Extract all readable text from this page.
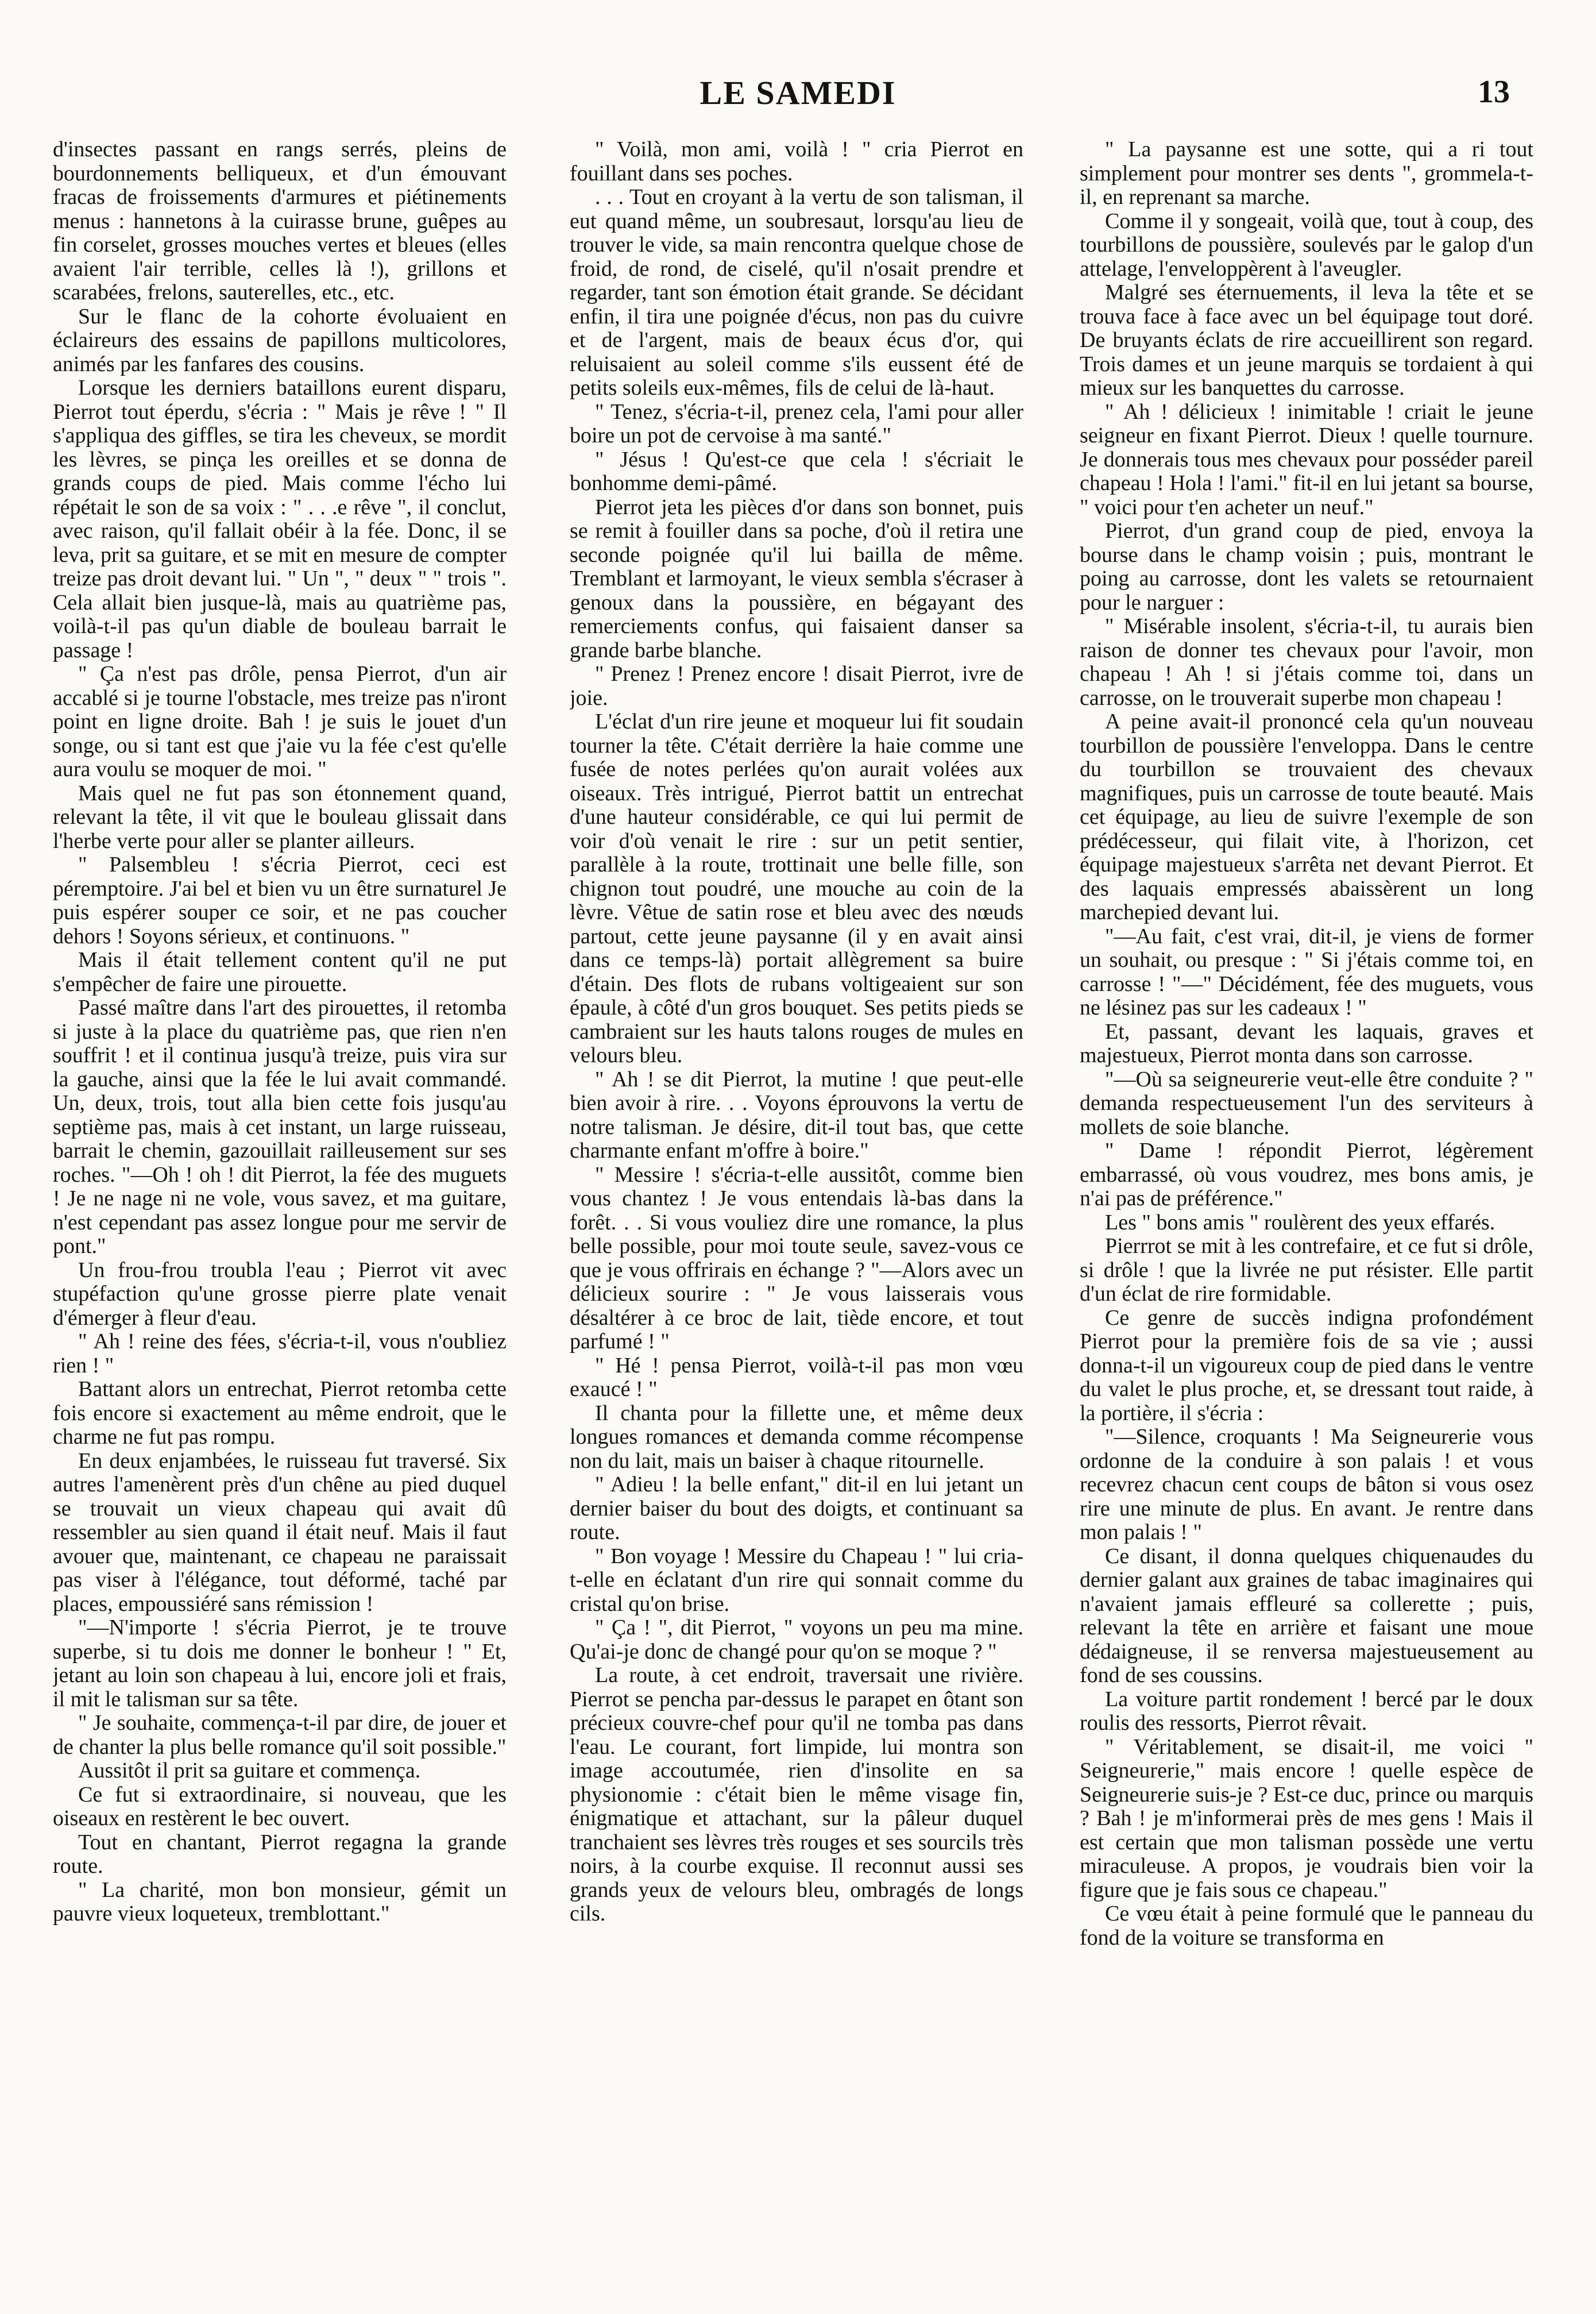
LE SAMEDI	13

d'insectes passant en rangs serrés, pleins de bourdonnements belliqueux, et d'un émouvant fracas de froissements d'armures et piétinements menus : hannetons à la cuirasse brune, guêpes au fin corselet, grosses mouches vertes et bleues (elles avaient l'air terrible, celles là !), grillons et scarabées, frelons, sauterelles, etc., etc.

Sur le flanc de la cohorte évoluaient en éclaireurs des essains de papillons multicolores, animés par les fanfares des cousins.

Lorsque les derniers bataillons eurent disparu, Pierrot tout éperdu, s'écria : " Mais je rêve ! " Il s'appliqua des giffles, se tira les cheveux, se mordit les lèvres, se pinça les oreilles et se donna de grands coups de pied. Mais comme l'écho lui répétait le son de sa voix : " . . .e rêve ", il conclut, avec raison, qu'il fallait obéir à la fée. Donc, il se leva, prit sa guitare, et se mit en mesure de compter treize pas droit devant lui. " Un ", " deux " " trois ". Cela allait bien jusque-là, mais au quatrième pas, voilà-t-il pas qu'un diable de bouleau barrait le passage !

" Ça n'est pas drôle, pensa Pierrot, d'un air accablé si je tourne l'obstacle, mes treize pas n'iront point en ligne droite. Bah ! je suis le jouet d'un songe, ou si tant est que j'aie vu la fée c'est qu'elle aura voulu se moquer de moi. "

Mais quel ne fut pas son étonnement quand, relevant la tête, il vit que le bouleau glissait dans l'herbe verte pour aller se planter ailleurs.

" Palsembleu ! s'écria Pierrot, ceci est péremptoire. J'ai bel et bien vu un être surnaturel Je puis espérer souper ce soir, et ne pas coucher dehors ! Soyons sérieux, et continuons. "

Mais il était tellement content qu'il ne put s'empêcher de faire une pirouette.

Passé maître dans l'art des pirouettes, il retomba si juste à la place du quatrième pas, que rien n'en souffrit ! et il continua jusqu'à treize, puis vira sur la gauche, ainsi que la fée le lui avait commandé. Un, deux, trois, tout alla bien cette fois jusqu'au septième pas, mais à cet instant, un large ruisseau, barrait le chemin, gazouillait railleusement sur ses roches. "—Oh ! oh ! dit Pierrot, la fée des muguets ! Je ne nage ni ne vole, vous savez, et ma guitare, n'est cependant pas assez longue pour me servir de pont."

Un frou-frou troubla l'eau ; Pierrot vit avec stupéfaction qu'une grosse pierre plate venait d'émerger à fleur d'eau.

" Ah ! reine des fées, s'écria-t-il, vous n'oubliez rien ! "

Battant alors un entrechat, Pierrot retomba cette fois encore si exactement au même endroit, que le charme ne fut pas rompu.

En deux enjambées, le ruisseau fut traversé. Six autres l'amenèrent près d'un chêne au pied duquel se trouvait un vieux chapeau qui avait dû ressembler au sien quand il était neuf. Mais il faut avouer que, maintenant, ce chapeau ne paraissait pas viser à l'élégance, tout déformé, taché par places, empoussiéré sans rémission !

"—N'importe ! s'écria Pierrot, je te trouve superbe, si tu dois me donner le bonheur ! " Et, jetant au loin son chapeau à lui, encore joli et frais, il mit le talisman sur sa tête.

" Je souhaite, commença-t-il par dire, de jouer et de chanter la plus belle romance qu'il soit possible."

Aussitôt il prit sa guitare et commença.

Ce fut si extraordinaire, si nouveau, que les oiseaux en restèrent le bec ouvert.

Tout en chantant, Pierrot regagna la grande route.

" La charité, mon bon monsieur, gémit un pauvre vieux loqueteux, tremblottant."

" Voilà, mon ami, voilà ! " cria Pierrot en fouillant dans ses poches.

. . . Tout en croyant à la vertu de son talisman, il eut quand même, un soubresaut, lorsqu'au lieu de trouver le vide, sa main rencontra quelque chose de froid, de rond, de ciselé, qu'il n'osait prendre et regarder, tant son émotion était grande. Se décidant enfin, il tira une poignée d'écus, non pas du cuivre et de l'argent, mais de beaux écus d'or, qui reluisaient au soleil comme s'ils eussent été de petits soleils eux-mêmes, fils de celui de là-haut.

" Tenez, s'écria-t-il, prenez cela, l'ami pour aller boire un pot de cervoise à ma santé."

" Jésus ! Qu'est-ce que cela ! s'écriait le bonhomme demi-pâmé.

Pierrot jeta les pièces d'or dans son bonnet, puis se remit à fouiller dans sa poche, d'où il retira une seconde poignée qu'il lui bailla de même. Tremblant et larmoyant, le vieux sembla s'écraser à genoux dans la poussière, en bégayant des remerciements confus, qui faisaient danser sa grande barbe blanche.

" Prenez ! Prenez encore ! disait Pierrot, ivre de joie.

L'éclat d'un rire jeune et moqueur lui fit soudain tourner la tête. C'était derrière la haie comme une fusée de notes perlées qu'on aurait volées aux oiseaux. Très intrigué, Pierrot battit un entrechat d'une hauteur considérable, ce qui lui permit de voir d'où venait le rire : sur un petit sentier, parallèle à la route, trottinait une belle fille, son chignon tout poudré, une mouche au coin de la lèvre. Vêtue de satin rose et bleu avec des nœuds partout, cette jeune paysanne (il y en avait ainsi dans ce temps-là) portait allègrement sa buire d'étain. Des flots de rubans voltigeaient sur son épaule, à côté d'un gros bouquet. Ses petits pieds se cambraient sur les hauts talons rouges de mules en velours bleu.

" Ah ! se dit Pierrot, la mutine ! que peut-elle bien avoir à rire. . . Voyons éprouvons la vertu de notre talisman. Je désire, dit-il tout bas, que cette charmante enfant m'offre à boire."

" Messire ! s'écria-t-elle aussitôt, comme bien vous chantez ! Je vous entendais là-bas dans la forêt. . . Si vous vouliez dire une romance, la plus belle possible, pour moi toute seule, savez-vous ce que je vous offrirais en échange ? "—Alors avec un délicieux sourire : " Je vous laisserais vous désaltérer à ce broc de lait, tiède encore, et tout parfumé ! "

" Hé ! pensa Pierrot, voilà-t-il pas mon vœu exaucé ! "

Il chanta pour la fillette une, et même deux longues romances et demanda comme récompense non du lait, mais un baiser à chaque ritournelle.

" Adieu ! la belle enfant," dit-il en lui jetant un dernier baiser du bout des doigts, et continuant sa route.

" Bon voyage ! Messire du Chapeau ! " lui cria-t-elle en éclatant d'un rire qui sonnait comme du cristal qu'on brise.

" Ça ! ", dit Pierrot, " voyons un peu ma mine. Qu'ai-je donc de changé pour qu'on se moque ? "

La route, à cet endroit, traversait une rivière. Pierrot se pencha par-dessus le parapet en ôtant son précieux couvre-chef pour qu'il ne tomba pas dans l'eau. Le courant, fort limpide, lui montra son image accoutumée, rien d'insolite en sa physionomie : c'était bien le même visage fin, énigmatique et attachant, sur la pâleur duquel tranchaient ses lèvres très rouges et ses sourcils très noirs, à la courbe exquise. Il reconnut aussi ses grands yeux de velours bleu, ombragés de longs cils.

" La paysanne est une sotte, qui a ri tout simplement pour montrer ses dents ", grommela-t-il, en reprenant sa marche.

Comme il y songeait, voilà que, tout à coup, des tourbillons de poussière, soulevés par le galop d'un attelage, l'enveloppèrent à l'aveugler.

Malgré ses éternuements, il leva la tête et se trouva face à face avec un bel équipage tout doré. De bruyants éclats de rire accueillirent son regard. Trois dames et un jeune marquis se tordaient à qui mieux sur les banquettes du carrosse.

" Ah ! délicieux ! inimitable ! criait le jeune seigneur en fixant Pierrot. Dieux ! quelle tournure. Je donnerais tous mes chevaux pour posséder pareil chapeau ! Hola ! l'ami." fit-il en lui jetant sa bourse, " voici pour t'en acheter un neuf."

Pierrot, d'un grand coup de pied, envoya la bourse dans le champ voisin ; puis, montrant le poing au carrosse, dont les valets se retournaient pour le narguer :

" Misérable insolent, s'écria-t-il, tu aurais bien raison de donner tes chevaux pour l'avoir, mon chapeau ! Ah ! si j'étais comme toi, dans un carrosse, on le trouverait superbe mon chapeau !

A peine avait-il prononcé cela qu'un nouveau tourbillon de poussière l'enveloppa. Dans le centre du tourbillon se trouvaient des chevaux magnifiques, puis un carrosse de toute beauté. Mais cet équipage, au lieu de suivre l'exemple de son prédécesseur, qui filait vite, à l'horizon, cet équipage majestueux s'arrêta net devant Pierrot. Et des laquais empressés abaissèrent un long marchepied devant lui.

"—Au fait, c'est vrai, dit-il, je viens de former un souhait, ou presque : " Si j'étais comme toi, en carrosse ! "—" Décidément, fée des muguets, vous ne lésinez pas sur les cadeaux ! "

Et, passant, devant les laquais, graves et majestueux, Pierrot monta dans son carrosse.

"—Où sa seigneurerie veut-elle être conduite ? " demanda respectueusement l'un des serviteurs à mollets de soie blanche.

" Dame ! répondit Pierrot, légèrement embarrassé, où vous voudrez, mes bons amis, je n'ai pas de préférence."

Les " bons amis " roulèrent des yeux effarés.

Pierrrot se mit à les contrefaire, et ce fut si drôle, si drôle ! que la livrée ne put résister. Elle partit d'un éclat de rire formidable.

Ce genre de succès indigna profondément Pierrot pour la première fois de sa vie ; aussi donna-t-il un vigoureux coup de pied dans le ventre du valet le plus proche, et, se dressant tout raide, à la portière, il s'écria :

"—Silence, croquants ! Ma Seigneurerie vous ordonne de la conduire à son palais ! et vous recevrez chacun cent coups de bâton si vous osez rire une minute de plus. En avant. Je rentre dans mon palais ! "

Ce disant, il donna quelques chiquenaudes du dernier galant aux graines de tabac imaginaires qui n'avaient jamais effleuré sa collerette ; puis, relevant la tête en arrière et faisant une moue dédaigneuse, il se renversa majestueusement au fond de ses coussins.

La voiture partit rondement ! bercé par le doux roulis des ressorts, Pierrot rêvait.

" Véritablement, se disait-il, me voici " Seigneurerie," mais encore ! quelle espèce de Seigneurerie suis-je ? Est-ce duc, prince ou marquis ? Bah ! je m'informerai près de mes gens ! Mais il est certain que mon talisman possède une vertu miraculeuse. A propos, je voudrais bien voir la figure que je fais sous ce chapeau."

Ce vœu était à peine formulé que le panneau du fond de la voiture se transforma en
